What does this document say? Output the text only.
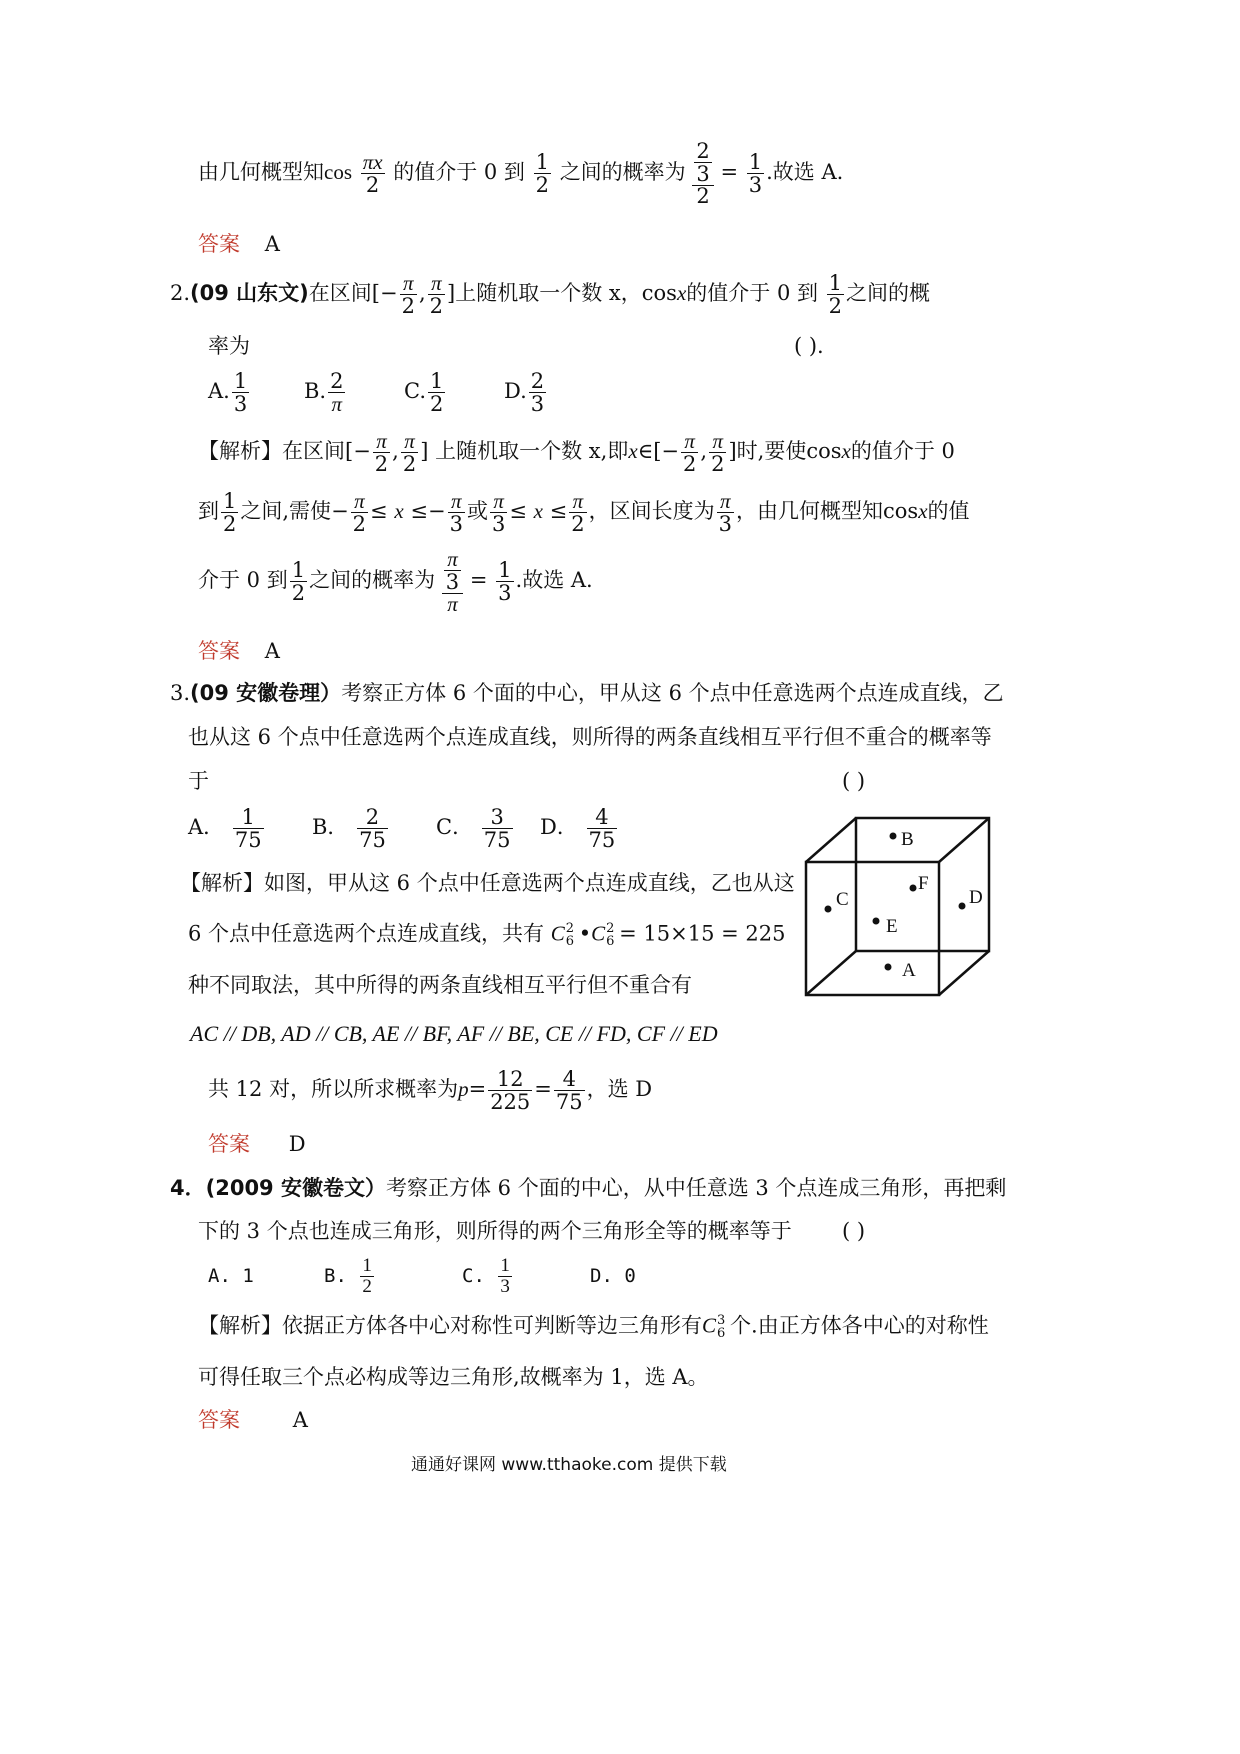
由几何概型知$\cos \frac{\pi x}{2}$ 的值介于 0 到 $\frac{1}{2}$ 之间的概率为 $\frac{\frac{2}{3}}{2} = \frac{1}{3}$ .故选 A.
答案 A
2.(09 山东文)在区间[− $\frac{\pi}{2}$ , $\frac{\pi}{2}$ ]上随机取一个数 x，cosx的值介于 0 到 $\frac{1}{2}$ 之间的概
率为	( ).
A. $\frac{1}{3}$	B. $\frac{2}{\pi}$	C. $\frac{1}{2}$	D. $\frac{2}{3}$
【解析】在区间[− $\frac{\pi}{2}$ , $\frac{\pi}{2}$ ] 上随机取一个数 x,即x∈[− $\frac{\pi}{2}$ , $\frac{\pi}{2}$ ]时,要使cosx的值介于 0
到 $\frac{1}{2}$ 之间,需使− $\frac{\pi}{2} \le x \le- \frac{\pi}{3}$ 或 $\frac{\pi}{3} \le x \le \frac{\pi}{2}$ ，区间长度为 $\frac{\pi}{3}$ ，由几何概型知cosx的值
介于 0 到 $\frac{1}{2}$ 之间的概率为 $\frac{\frac{\pi}{3}}{\pi} = \frac{1}{3}$ .故选 A.
答案 A
3.(09 安徽卷理）考察正方体 6 个面的中心，甲从这 6 个点中任意选两个点连成直线，乙
也从这 6 个点中任意选两个点连成直线，则所得的两条直线相互平行但不重合的概率等
于	( )
A． $\frac{1}{75}$ B． $\frac{2}{75}$ C． $\frac{3}{75}$ D． $\frac{4}{75}$
【解析】如图，甲从这 6 个点中任意选两个点连成直线，乙也从这
6 个点中任意选两个点连成直线，共有 C 2
6 •C 2
6 = 15×15 = 225
种不同取法，其中所得的两条直线相互平行但不重合有
AC // DB, AD // CB, AE // BF, AF // BE, CE // FD, CF // ED
共 12 对，所以所求概率为$p= \frac{12}{225} = \frac{4}{75}$ ，选 D
答案 D
B
F
C	D
E
A
4．(2009 安徽卷文）考察正方体 6 个面的中心，从中任意选 3 个点连成三角形，再把剩
下的 3 个点也连成三角形，则所得的两个三角形全等的概率等于 ( )
A. 1	B. $\frac{1}{2}$	C. $\frac{1}{3}$	D. 0
【解析】依据正方体各中心对称性可判断等边三角形有C 3
6 个.由正方体各中心的对称性
可得任取三个点必构成等边三角形,故概率为 1，选 A。
答案	A
通通好课网 www.tthaoke.com 提供下载
